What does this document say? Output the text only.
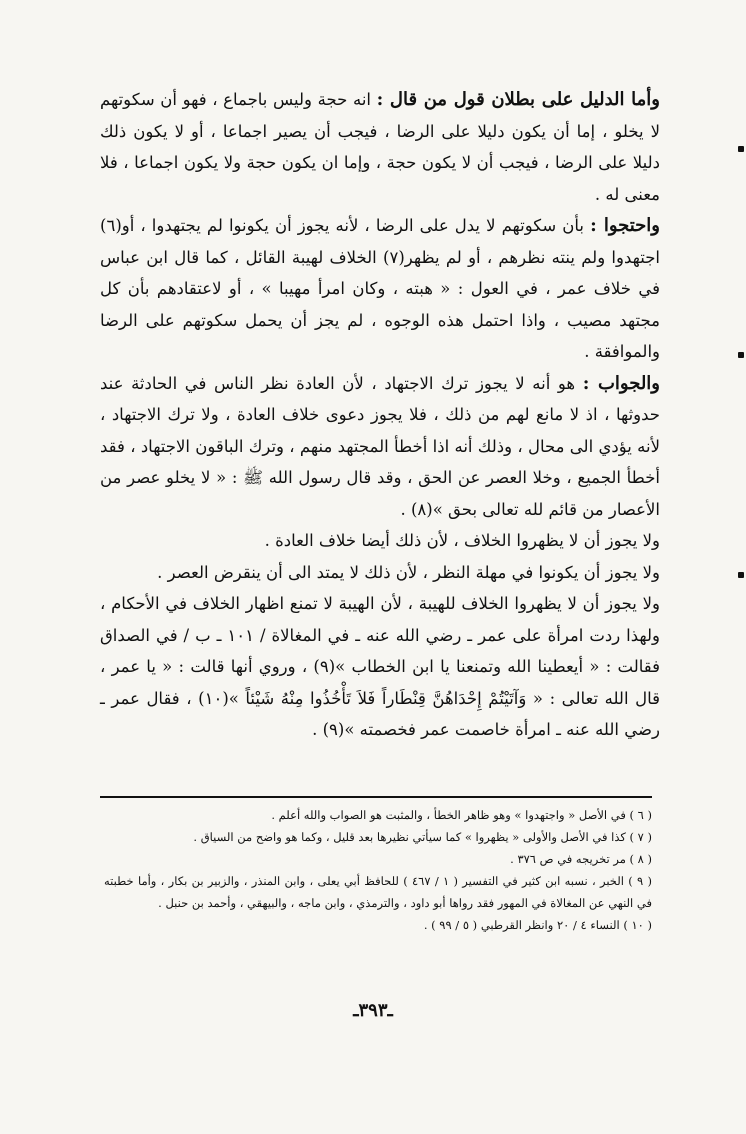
وأما الدليل على بطلان قول من قال : انه حجة وليس باجماع ، فهو أن سكوتهم لا يخلو ، إما أن يكون دليلا على الرضا ، فيجب أن يصير اجماعا ، أو لا يكون ذلك دليلا على الرضا ، فيجب أن لا يكون حجة ، وإما ان يكون حجة ولا يكون اجماعا ، فلا معنى له .

واحتجوا : بأن سكوتهم لا يدل على الرضا ، لأنه يجوز أن يكونوا لم يجتهدوا ، أو(٦) اجتهدوا ولم ينته نظرهم ، أو لم يظهر(٧) الخلاف لهيبة القائل ، كما قال ابن عباس في خلاف عمر ، في العول : « هبته ، وكان امرأ مهيبا » ، أو لاعتقادهم بأن كل مجتهد مصيب ، واذا احتمل هذه الوجوه ، لم يجز أن يحمل سكوتهم على الرضا والموافقة .

والجواب : هو أنه لا يجوز ترك الاجتهاد ، لأن العادة نظر الناس في الحادثة عند حدوثها ، اذ لا مانع لهم من ذلك ، فلا يجوز دعوى خلاف العادة ، ولا ترك الاجتهاد ، لأنه يؤدي الى محال ، وذلك أنه اذا أخطأ المجتهد منهم ، وترك الباقون الاجتهاد ، فقد أخطأ الجميع ، وخلا العصر عن الحق ، وقد قال رسول الله ﷺ : « لا يخلو عصر من الأعصار من قائم لله تعالى بحق »(٨) .

ولا يجوز أن لا يظهروا الخلاف ، لأن ذلك أيضا خلاف العادة .

ولا يجوز أن يكونوا في مهلة النظر ، لأن ذلك لا يمتد الى أن ينقرض العصر .

ولا يجوز أن لا يظهروا الخلاف للهيبة ، لأن الهيبة لا تمنع اظهار الخلاف في الأحكام ، ولهذا ردت امرأة على عمر ـ رضي الله عنه ـ في المغالاة / ١٠١ ـ ب / في الصداق فقالت : « أيعطينا الله وتمنعنا يا ابن الخطاب »(٩) ، وروي أنها قالت : « يا عمر ، قال الله تعالى : « وَآتَيْتُمْ إِحْدَاهُنَّ قِنْطَاراً فَلاَ تَأْخُذُوا مِنْهُ شَيْئاً »(١٠) ، فقال عمر ـ رضي الله عنه ـ امرأة خاصمت عمر فخصمته »(٩) .

( ٦ ) في الأصل « واجتهدوا » وهو ظاهر الخطأ ، والمثبت هو الصواب والله أعلم .

( ٧ ) كذا في الأصل والأولى « يظهروا » كما سيأتي نظيرها بعد قليل ، وكما هو واضح من السياق .

( ٨ ) مر تخريجه في ص ٣٧٦ .

( ٩ ) الخبر ، نسبه ابن كثير في التفسير ( ١ / ٤٦٧ ) للحافظ أبي يعلى ، وابن المنذر ، والزبير بن بكار ، وأما خطبته في النهي عن المغالاة في المهور فقد رواها أبو داود ، والترمذي ، وابن ماجه ، والبيهقي ، وأحمد بن حنبل .

( ١٠ ) النساء ٤ / ٢٠ وانظر القرطبي ( ٥ / ٩٩ ) .

ـ٣٩٣ـ
